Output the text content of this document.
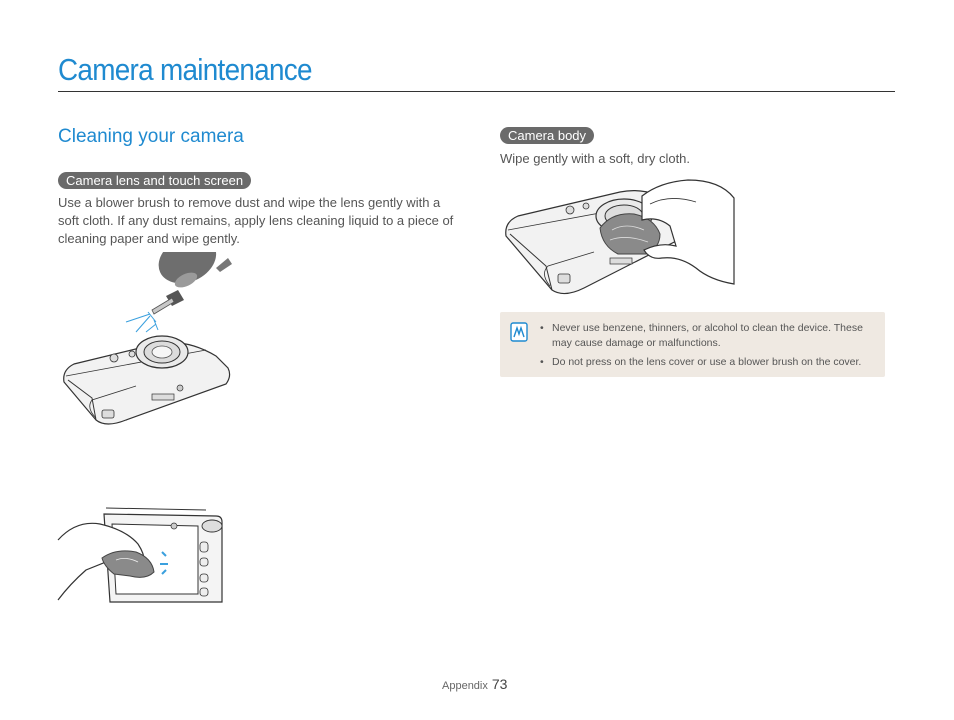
Camera maintenance
Cleaning your camera
Camera lens and touch screen
Use a blower brush to remove dust and wipe the lens gently with a soft cloth. If any dust remains, apply lens cleaning liquid to a piece of cleaning paper and wipe gently.
Camera body
Wipe gently with a soft, dry cloth.
• Never use benzene, thinners, or alcohol to clean the device. These may cause damage or malfunctions.
• Do not press on the lens cover or use a blower brush on the cover.
Appendix 73
